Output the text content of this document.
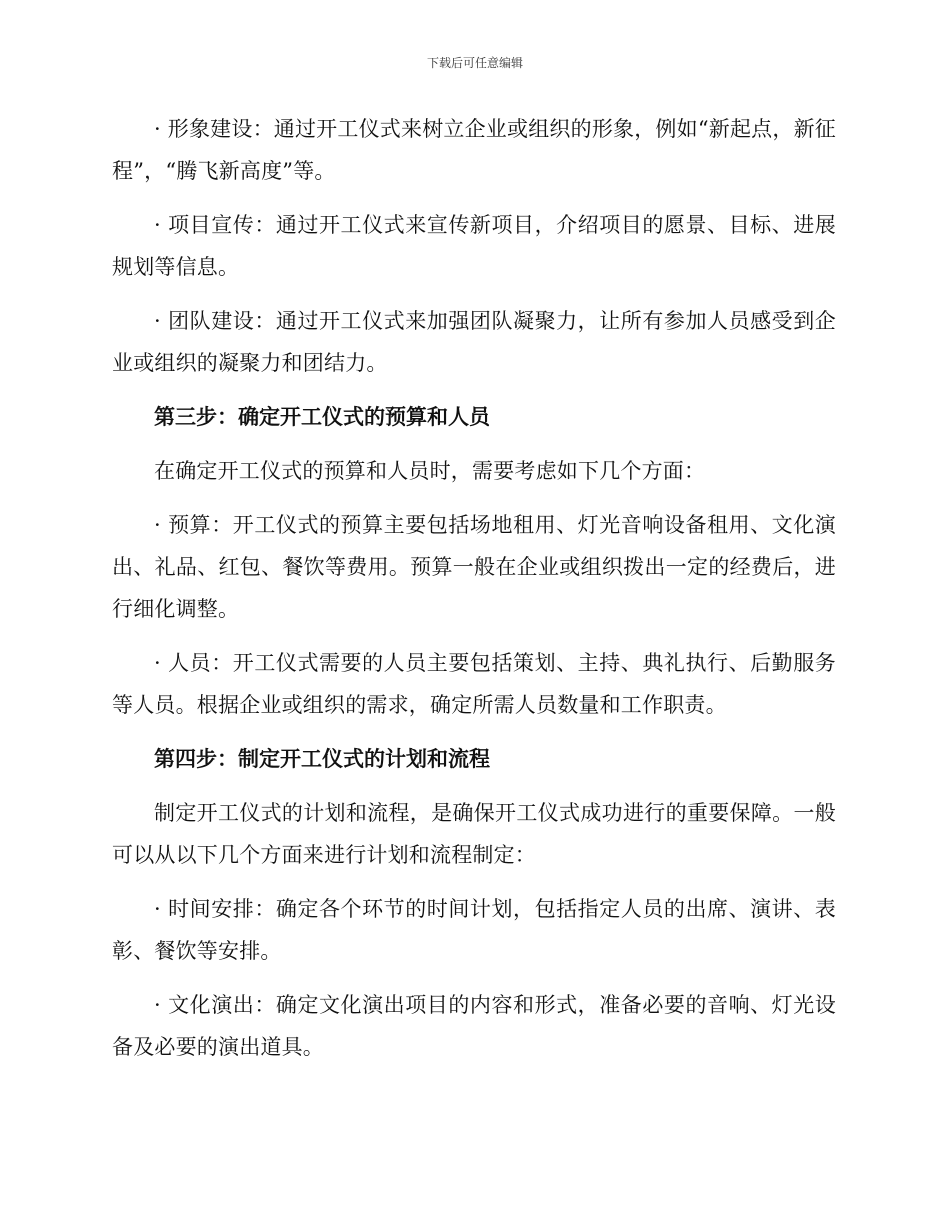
下载后可任意编辑

· 形象建设：通过开工仪式来树立企业或组织的形象，例如“新起点，新征程”，“腾飞新高度”等。

· 项目宣传：通过开工仪式来宣传新项目，介绍项目的愿景、目标、进展规划等信息。

· 团队建设：通过开工仪式来加强团队凝聚力，让所有参加人员感受到企业或组织的凝聚力和团结力。

第三步：确定开工仪式的预算和人员

在确定开工仪式的预算和人员时，需要考虑如下几个方面：

· 预算：开工仪式的预算主要包括场地租用、灯光音响设备租用、文化演出、礼品、红包、餐饮等费用。预算一般在企业或组织拨出一定的经费后，进行细化调整。

· 人员：开工仪式需要的人员主要包括策划、主持、典礼执行、后勤服务等人员。根据企业或组织的需求，确定所需人员数量和工作职责。

第四步：制定开工仪式的计划和流程

制定开工仪式的计划和流程，是确保开工仪式成功进行的重要保障。一般可以从以下几个方面来进行计划和流程制定：

· 时间安排：确定各个环节的时间计划，包括指定人员的出席、演讲、表彰、餐饮等安排。

· 文化演出：确定文化演出项目的内容和形式，准备必要的音响、灯光设备及必要的演出道具。
